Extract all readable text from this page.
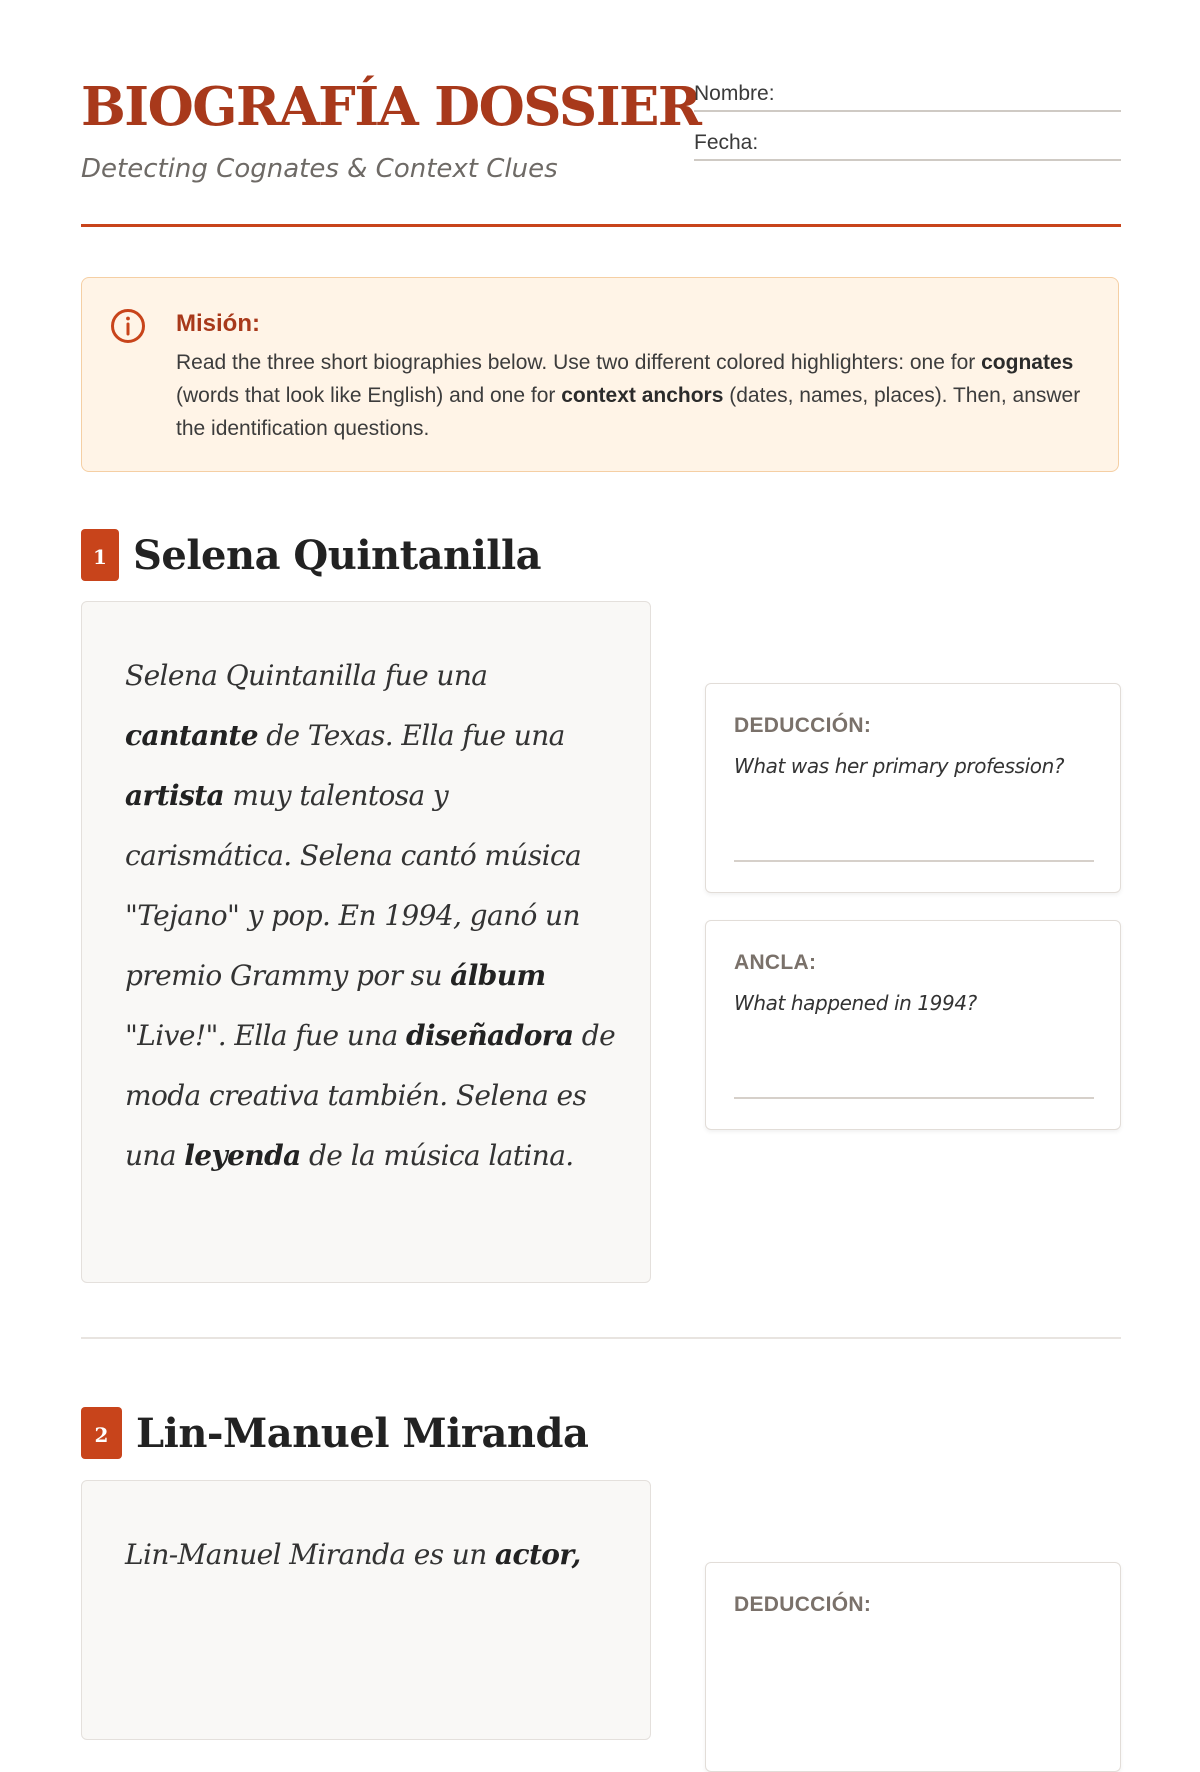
BIOGRAFÍA DOSSIER
Detecting Cognates & Context Clues
Nombre:
Fecha:
Misión:
Read the three short biographies below. Use two different colored highlighters: one for cognates (words that look like English) and one for context anchors (dates, names, places). Then, answer the identification questions.
1 Selena Quintanilla

Selena Quintanilla fue una cantante de Texas. Ella fue una artista muy talentosa y carismática. Selena cantó música "Tejano" y pop. En 1994, ganó un premio Grammy por su álbum "Live!". Ella fue una diseñadora de moda creativa también. Selena es una leyenda de la música latina.

DEDUCCIÓN:
What was her primary profession?
ANCLA:
What happened in 1994?
2 Lin-Manuel Miranda

Lin-Manuel Miranda es un actor,

DEDUCCIÓN:
